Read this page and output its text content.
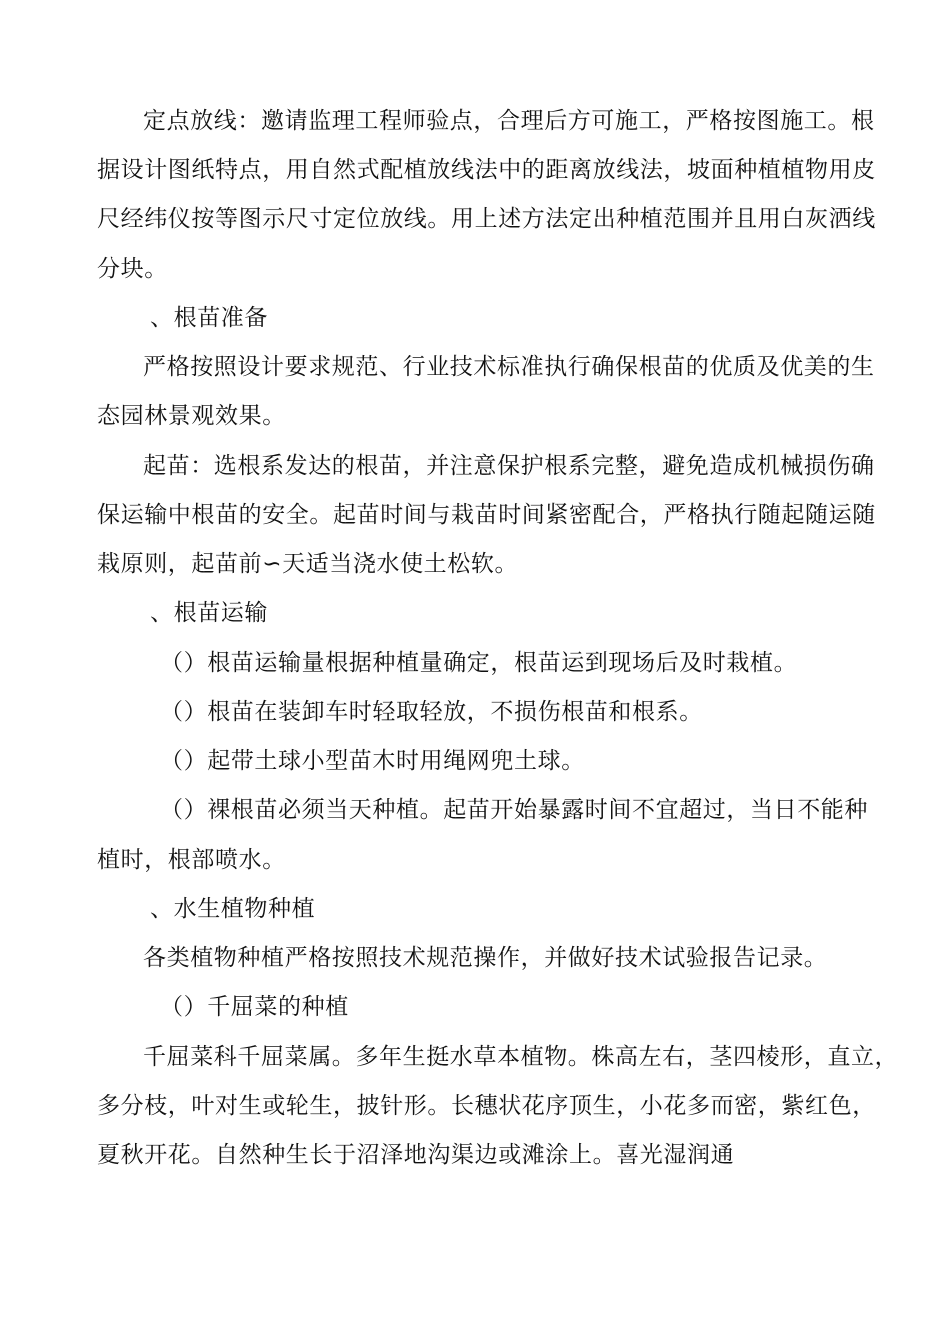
定点放线：邀请监理工程师验点，合理后方可施工，严格按图施工。根
据设计图纸特点，用自然式配植放线法中的距离放线法，坡面种植植物用皮
尺经纬仪按等图示尺寸定位放线。用上述方法定出种植范围并且用白灰洒线
分块。
、根苗准备
严格按照设计要求规范、行业技术标准执行确保根苗的优质及优美的生
态园林景观效果。
起苗：选根系发达的根苗，并注意保护根系完整，避免造成机械损伤确
保运输中根苗的安全。起苗时间与栽苗时间紧密配合，严格执行随起随运随
栽原则，起苗前∽天适当浇水使土松软。
、根苗运输
（）根苗运输量根据种植量确定，根苗运到现场后及时栽植。
（）根苗在装卸车时轻取轻放，不损伤根苗和根系。
（）起带土球小型苗木时用绳网兜土球。
（）裸根苗必须当天种植。起苗开始暴露时间不宜超过，当日不能种
植时，根部喷水。
、水生植物种植
各类植物种植严格按照技术规范操作，并做好技术试验报告记录。
（）千屈菜的种植
千屈菜科千屈菜属。多年生挺水草本植物。株高左右，茎四棱形，直立，
多分枝，叶对生或轮生，披针形。长穗状花序顶生，小花多而密，紫红色，
夏秋开花。自然种生长于沼泽地沟渠边或滩涂上。喜光湿润通
